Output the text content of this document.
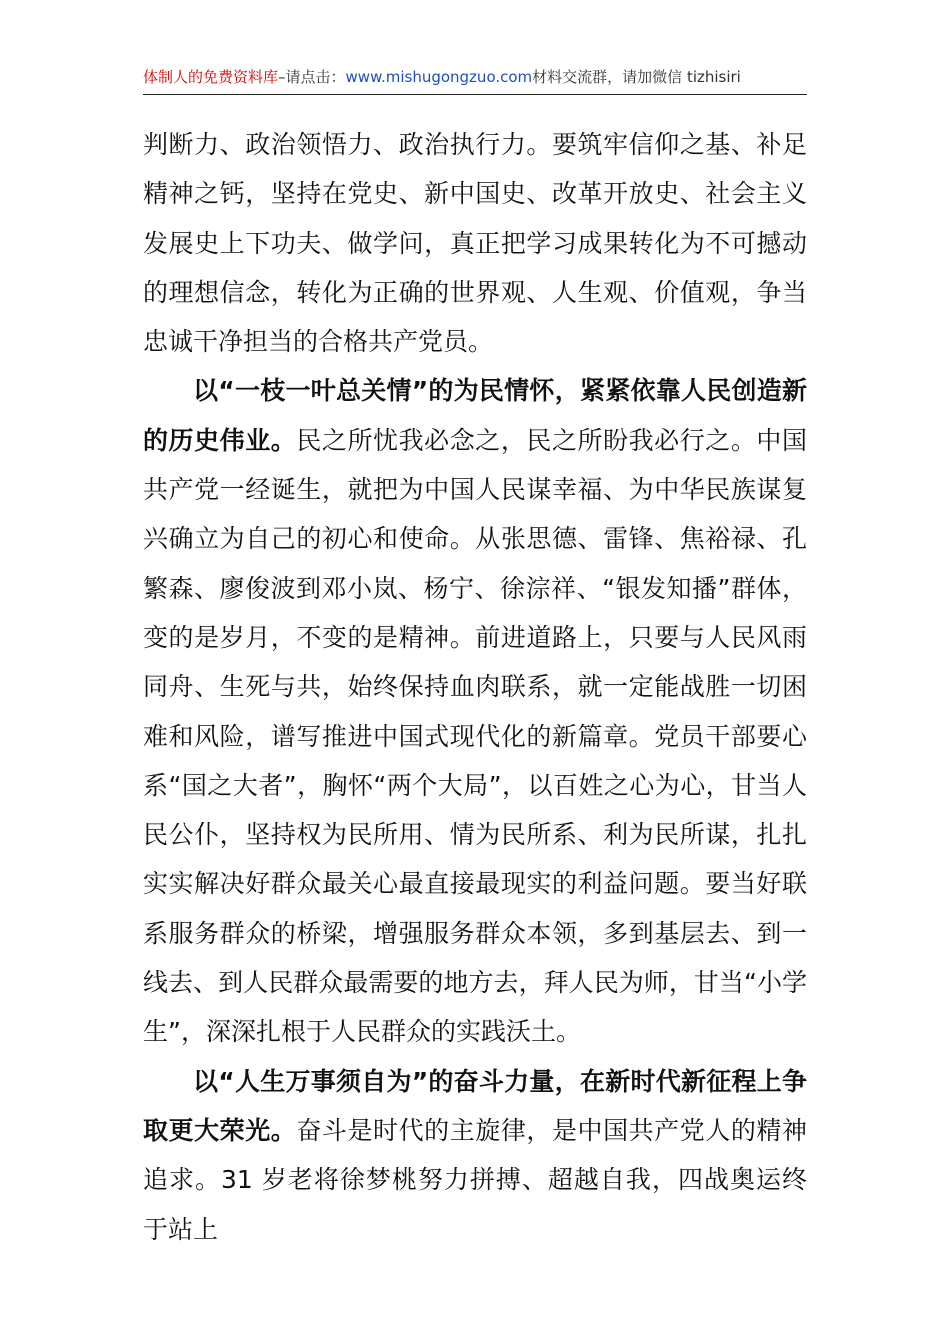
体制人的免费资料库–请点击：www.mishugongzuo.com材料交流群，请加微信 tizhisiri

判断力、政治领悟力、政治执行力。要筑牢信仰之基、补足精神之钙，坚持在党史、新中国史、改革开放史、社会主义发展史上下功夫、做学问，真正把学习成果转化为不可撼动的理想信念，转化为正确的世界观、人生观、价值观，争当忠诚干净担当的合格共产党员。

以“一枝一叶总关情”的为民情怀，紧紧依靠人民创造新的历史伟业。民之所忧我必念之，民之所盼我必行之。中国共产党一经诞生，就把为中国人民谋幸福、为中华民族谋复兴确立为自己的初心和使命。从张思德、雷锋、焦裕禄、孔繁森、廖俊波到邓小岚、杨宁、徐淙祥、“银发知播”群体，变的是岁月，不变的是精神。前进道路上，只要与人民风雨同舟、生死与共，始终保持血肉联系，就一定能战胜一切困难和风险，谱写推进中国式现代化的新篇章。党员干部要心系“国之大者”，胸怀“两个大局”，以百姓之心为心，甘当人民公仆，坚持权为民所用、情为民所系、利为民所谋，扎扎实实解决好群众最关心最直接最现实的利益问题。要当好联系服务群众的桥梁，增强服务群众本领，多到基层去、到一线去、到人民群众最需要的地方去，拜人民为师，甘当“小学生”，深深扎根于人民群众的实践沃土。

以“人生万事须自为”的奋斗力量，在新时代新征程上争取更大荣光。奋斗是时代的主旋律，是中国共产党人的精神追求。31 岁老将徐梦桃努力拼搏、超越自我，四战奥运终于站上
